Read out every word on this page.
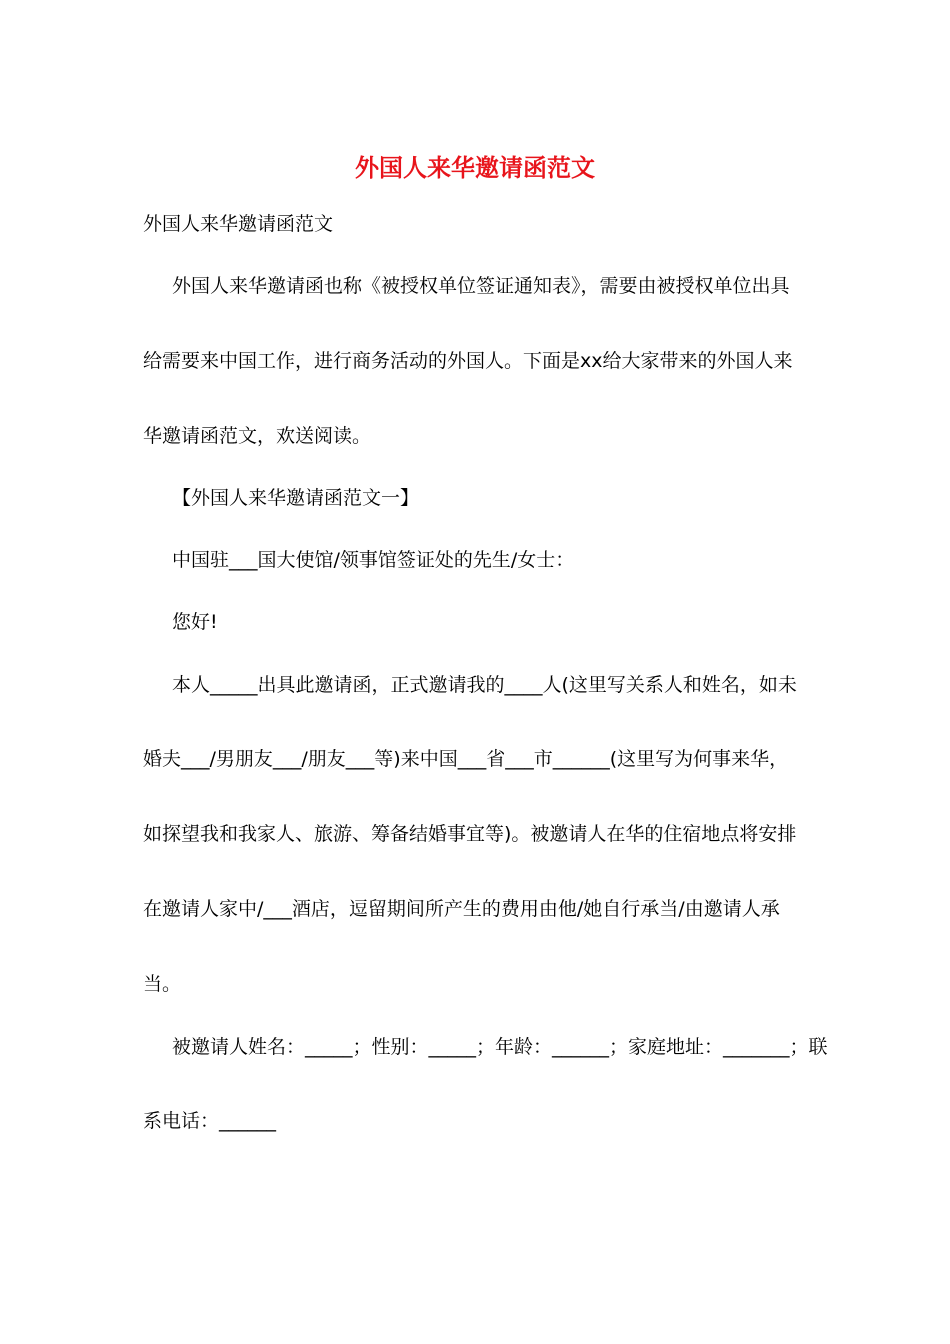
外国人来华邀请函范文
外国人来华邀请函范文
外国人来华邀请函也称《被授权单位签证通知表》，需要由被授权单位出具
给需要来中国工作，进行商务活动的外国人。下面是xx给大家带来的外国人来
华邀请函范文，欢送阅读。
【外国人来华邀请函范文一】
中国驻___国大使馆/领事馆签证处的先生/女士：
您好!
本人_____出具此邀请函，正式邀请我的____人(这里写关系人和姓名，如未
婚夫___/男朋友___/朋友___等)来中国___省___市______(这里写为何事来华，
如探望我和我家人、旅游、筹备结婚事宜等)。被邀请人在华的住宿地点将安排
在邀请人家中/___酒店，逗留期间所产生的费用由他/她自行承当/由邀请人承
当。
被邀请人姓名：_____；性别：_____；年龄：______；家庭地址：_______；联
系电话：______
